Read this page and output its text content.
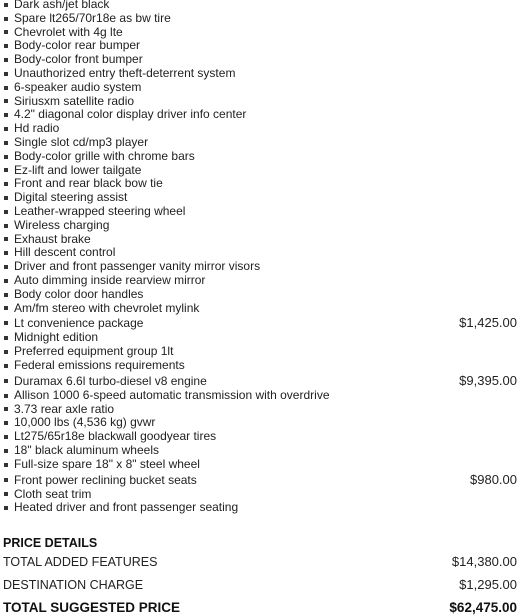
Dark ash/jet black
Spare lt265/70r18e as bw tire
Chevrolet with 4g lte
Body-color rear bumper
Body-color front bumper
Unauthorized entry theft-deterrent system
6-speaker audio system
Siriusxm satellite radio
4.2" diagonal color display driver info center
Hd radio
Single slot cd/mp3 player
Body-color grille with chrome bars
Ez-lift and lower tailgate
Front and rear black bow tie
Digital steering assist
Leather-wrapped steering wheel
Wireless charging
Exhaust brake
Hill descent control
Driver and front passenger vanity mirror visors
Auto dimming inside rearview mirror
Body color door handles
Am/fm stereo with chevrolet mylink
Lt convenience package	$1,425.00
Midnight edition
Preferred equipment group 1lt
Federal emissions requirements
Duramax 6.6l turbo-diesel v8 engine	$9,395.00
Allison 1000 6-speed automatic transmission with overdrive
3.73 rear axle ratio
10,000 lbs (4,536 kg) gvwr
Lt275/65r18e blackwall goodyear tires
18" black aluminum wheels
Full-size spare 18" x 8" steel wheel
Front power reclining bucket seats	$980.00
Cloth seat trim
Heated driver and front passenger seating
PRICE DETAILS
TOTAL ADDED FEATURES	$14,380.00
DESTINATION CHARGE	$1,295.00
TOTAL SUGGESTED PRICE	$62,475.00
